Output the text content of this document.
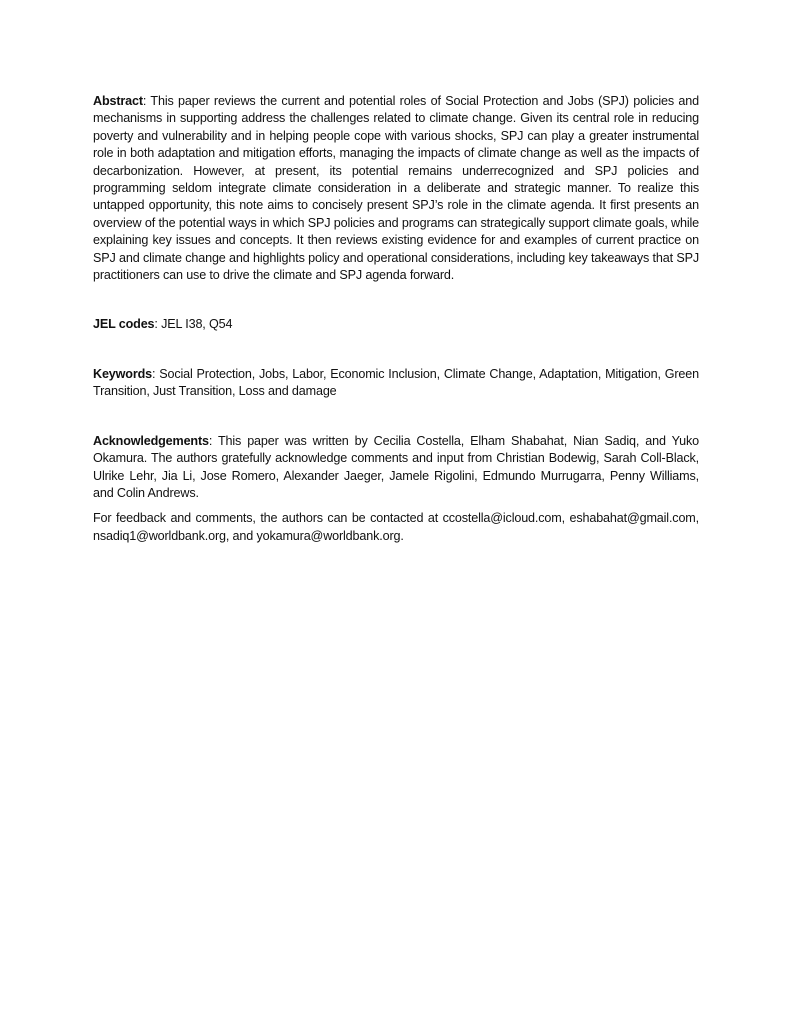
Abstract: This paper reviews the current and potential roles of Social Protection and Jobs (SPJ) policies and mechanisms in supporting address the challenges related to climate change. Given its central role in reducing poverty and vulnerability and in helping people cope with various shocks, SPJ can play a greater instrumental role in both adaptation and mitigation efforts, managing the impacts of climate change as well as the impacts of decarbonization. However, at present, its potential remains underrecognized and SPJ policies and programming seldom integrate climate consideration in a deliberate and strategic manner. To realize this untapped opportunity, this note aims to concisely present SPJ’s role in the climate agenda. It first presents an overview of the potential ways in which SPJ policies and programs can strategically support climate goals, while explaining key issues and concepts. It then reviews existing evidence for and examples of current practice on SPJ and climate change and highlights policy and operational considerations, including key takeaways that SPJ practitioners can use to drive the climate and SPJ agenda forward.

JEL codes: JEL I38, Q54

Keywords: Social Protection, Jobs, Labor, Economic Inclusion, Climate Change, Adaptation, Mitigation, Green Transition, Just Transition, Loss and damage

Acknowledgements: This paper was written by Cecilia Costella, Elham Shabahat, Nian Sadiq, and Yuko Okamura. The authors gratefully acknowledge comments and input from Christian Bodewig, Sarah Coll-Black, Ulrike Lehr, Jia Li, Jose Romero, Alexander Jaeger, Jamele Rigolini, Edmundo Murrugarra, Penny Williams, and Colin Andrews.

For feedback and comments, the authors can be contacted at ccostella@icloud.com, eshabahat@gmail.com, nsadiq1@worldbank.org, and yokamura@worldbank.org.
